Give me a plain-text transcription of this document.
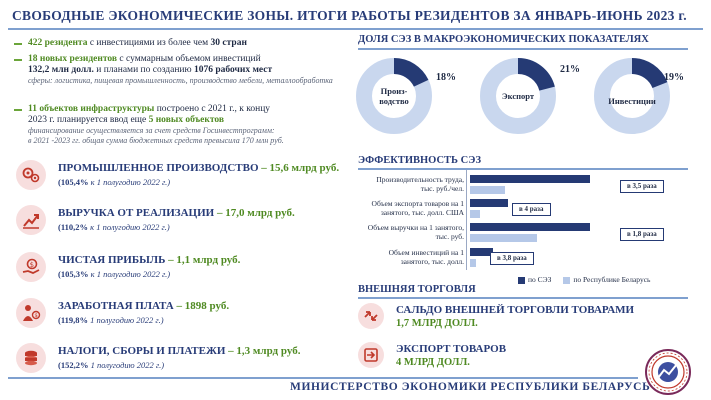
СВОБОДНЫЕ ЭКОНОМИЧЕСКИЕ ЗОНЫ. ИТОГИ РАБОТЫ РЕЗИДЕНТОВ ЗА ЯНВАРЬ-ИЮНЬ 2023 г.
422 резидента с инвестициями из более чем 30 стран
18 новых резидентов с суммарным объемом инвестиций
132,2 млн долл. и планами по созданию 1076 рабочих мест
сферы: логистика, пищевая промышленность, производство мебели, металлообработка
11 объектов инфраструктуры построено с 2021 г., к концу
2023 г. планируется ввод еще 5 новых объектов
финансирование осуществляется за счет средств Госинвестпрограмм:
в 2021 -2023 гг. общая сумма бюджетных средств превысила 170 млн руб.
ПРОМЫШЛЕННОЕ ПРОИЗВОДСТВО – 15,6 млрд руб.
(105,4% к 1 полугодию 2022 г.)
ВЫРУЧКА ОТ РЕАЛИЗАЦИИ – 17,0 млрд руб.
(110,2% к 1 полугодию 2022 г.)
$ ЧИСТАЯ ПРИБЫЛЬ – 1,1 млрд руб.
(105,3% к 1 полугодию 2022 г.)
$
ЗАРАБОТНАЯ ПЛАТА – 1898 руб.
(119,8% 1 полугодию 2022 г.)
НАЛОГИ, СБОРЫ И ПЛАТЕЖИ – 1,3 млрд руб.
(152,2% 1 полугодию 2022 г.)
ДОЛЯ СЭЗ В МАКРОЭКОНОМИЧЕСКИХ ПОКАЗАТЕЛЯХ
Произ-
водство
18%
Экспорт
21%
Инвестиции
19%
ЭФФЕКТИВНОСТЬ СЭЗ
Производительность труда,
тыс. руб./чел.	в 3,5 раза
Объем экспорта товаров на 1
занятого, тыс. долл. США	в 4 раза
Объем выручки на 1 занятого,
тыс. руб.	в 1,8 раза
Объем инвестиций на 1
занятого, тыс. долл.	в 3,8 раза
по СЭЗ	по Республике Беларусь
ВНЕШНЯЯ ТОРГОВЛЯ
САЛЬДО ВНЕШНЕЙ ТОРГОВЛИ ТОВАРАМИ
1,7 МЛРД ДОЛЛ.
ЭКСПОРТ ТОВАРОВ
4 МЛРД ДОЛЛ.
МИНИСТЕРСТВО ЭКОНОМИКИ РЕСПУБЛИКИ БЕЛАРУСЬ
